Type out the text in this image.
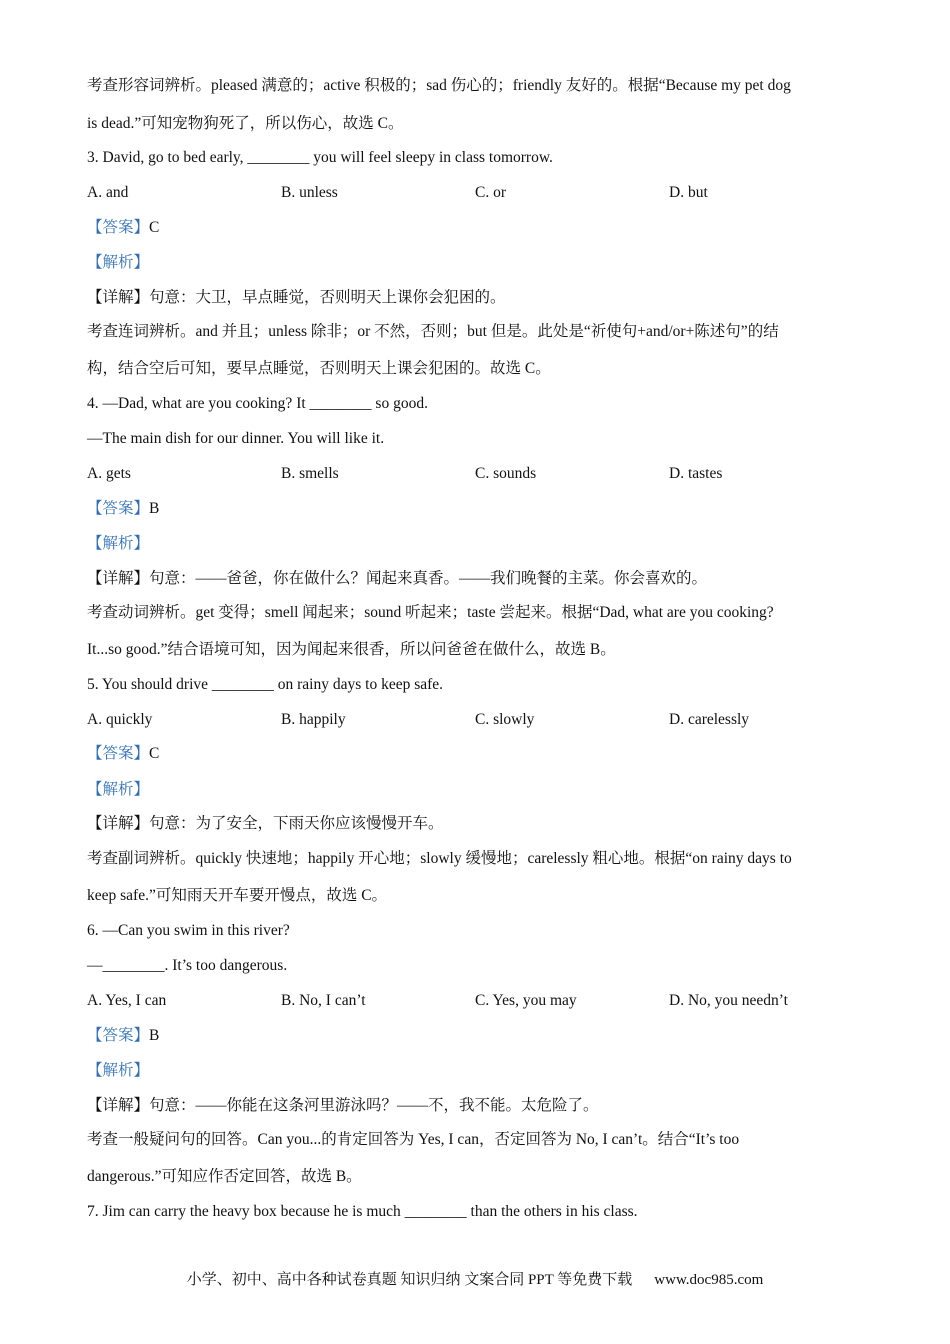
考查形容词辨析。pleased 满意的；active 积极的；sad 伤心的；friendly 友好的。根据“Because my pet dog
is dead.”可知宠物狗死了，所以伤心，故选 C。
3. David, go to bed early, ________ you will feel sleepy in class tomorrow.
A. and	B. unless	C. or	D. but
【答案】C
【解析】
【详解】句意：大卫，早点睡觉，否则明天上课你会犯困的。
考查连词辨析。and 并且；unless 除非；or 不然，否则；but 但是。此处是“祈使句+and/or+陈述句”的结
构，结合空后可知，要早点睡觉，否则明天上课会犯困的。故选 C。
4. —Dad, what are you cooking? It ________ so good.
—The main dish for our dinner. You will like it.
A. gets	B. smells	C. sounds	D. tastes
【答案】B
【解析】
【详解】句意：——爸爸，你在做什么？闻起来真香。——我们晚餐的主菜。你会喜欢的。
考查动词辨析。get 变得；smell 闻起来；sound 听起来；taste 尝起来。根据“Dad, what are you cooking?
It...so good.”结合语境可知，因为闻起来很香，所以问爸爸在做什么，故选 B。
5. You should drive ________ on rainy days to keep safe.
A. quickly	B. happily	C. slowly	D. carelessly
【答案】C
【解析】
【详解】句意：为了安全，下雨天你应该慢慢开车。
考查副词辨析。quickly 快速地；happily 开心地；slowly 缓慢地；carelessly 粗心地。根据“on rainy days to
keep safe.”可知雨天开车要开慢点，故选 C。
6. —Can you swim in this river?
—________. It’s too dangerous.
A. Yes, I can	B. No, I can’t	C. Yes, you may	D. No, you needn’t
【答案】B
【解析】
【详解】句意：——你能在这条河里游泳吗？——不，我不能。太危险了。
考查一般疑问句的回答。Can you...的肯定回答为 Yes, I can，否定回答为 No, I can’t。结合“It’s too
dangerous.”可知应作否定回答，故选 B。
7. Jim can carry the heavy box because he is much ________ than the others in his class.
小学、初中、高中各种试卷真题 知识归纳 文案合同 PPT 等免费下载 www.doc985.com
